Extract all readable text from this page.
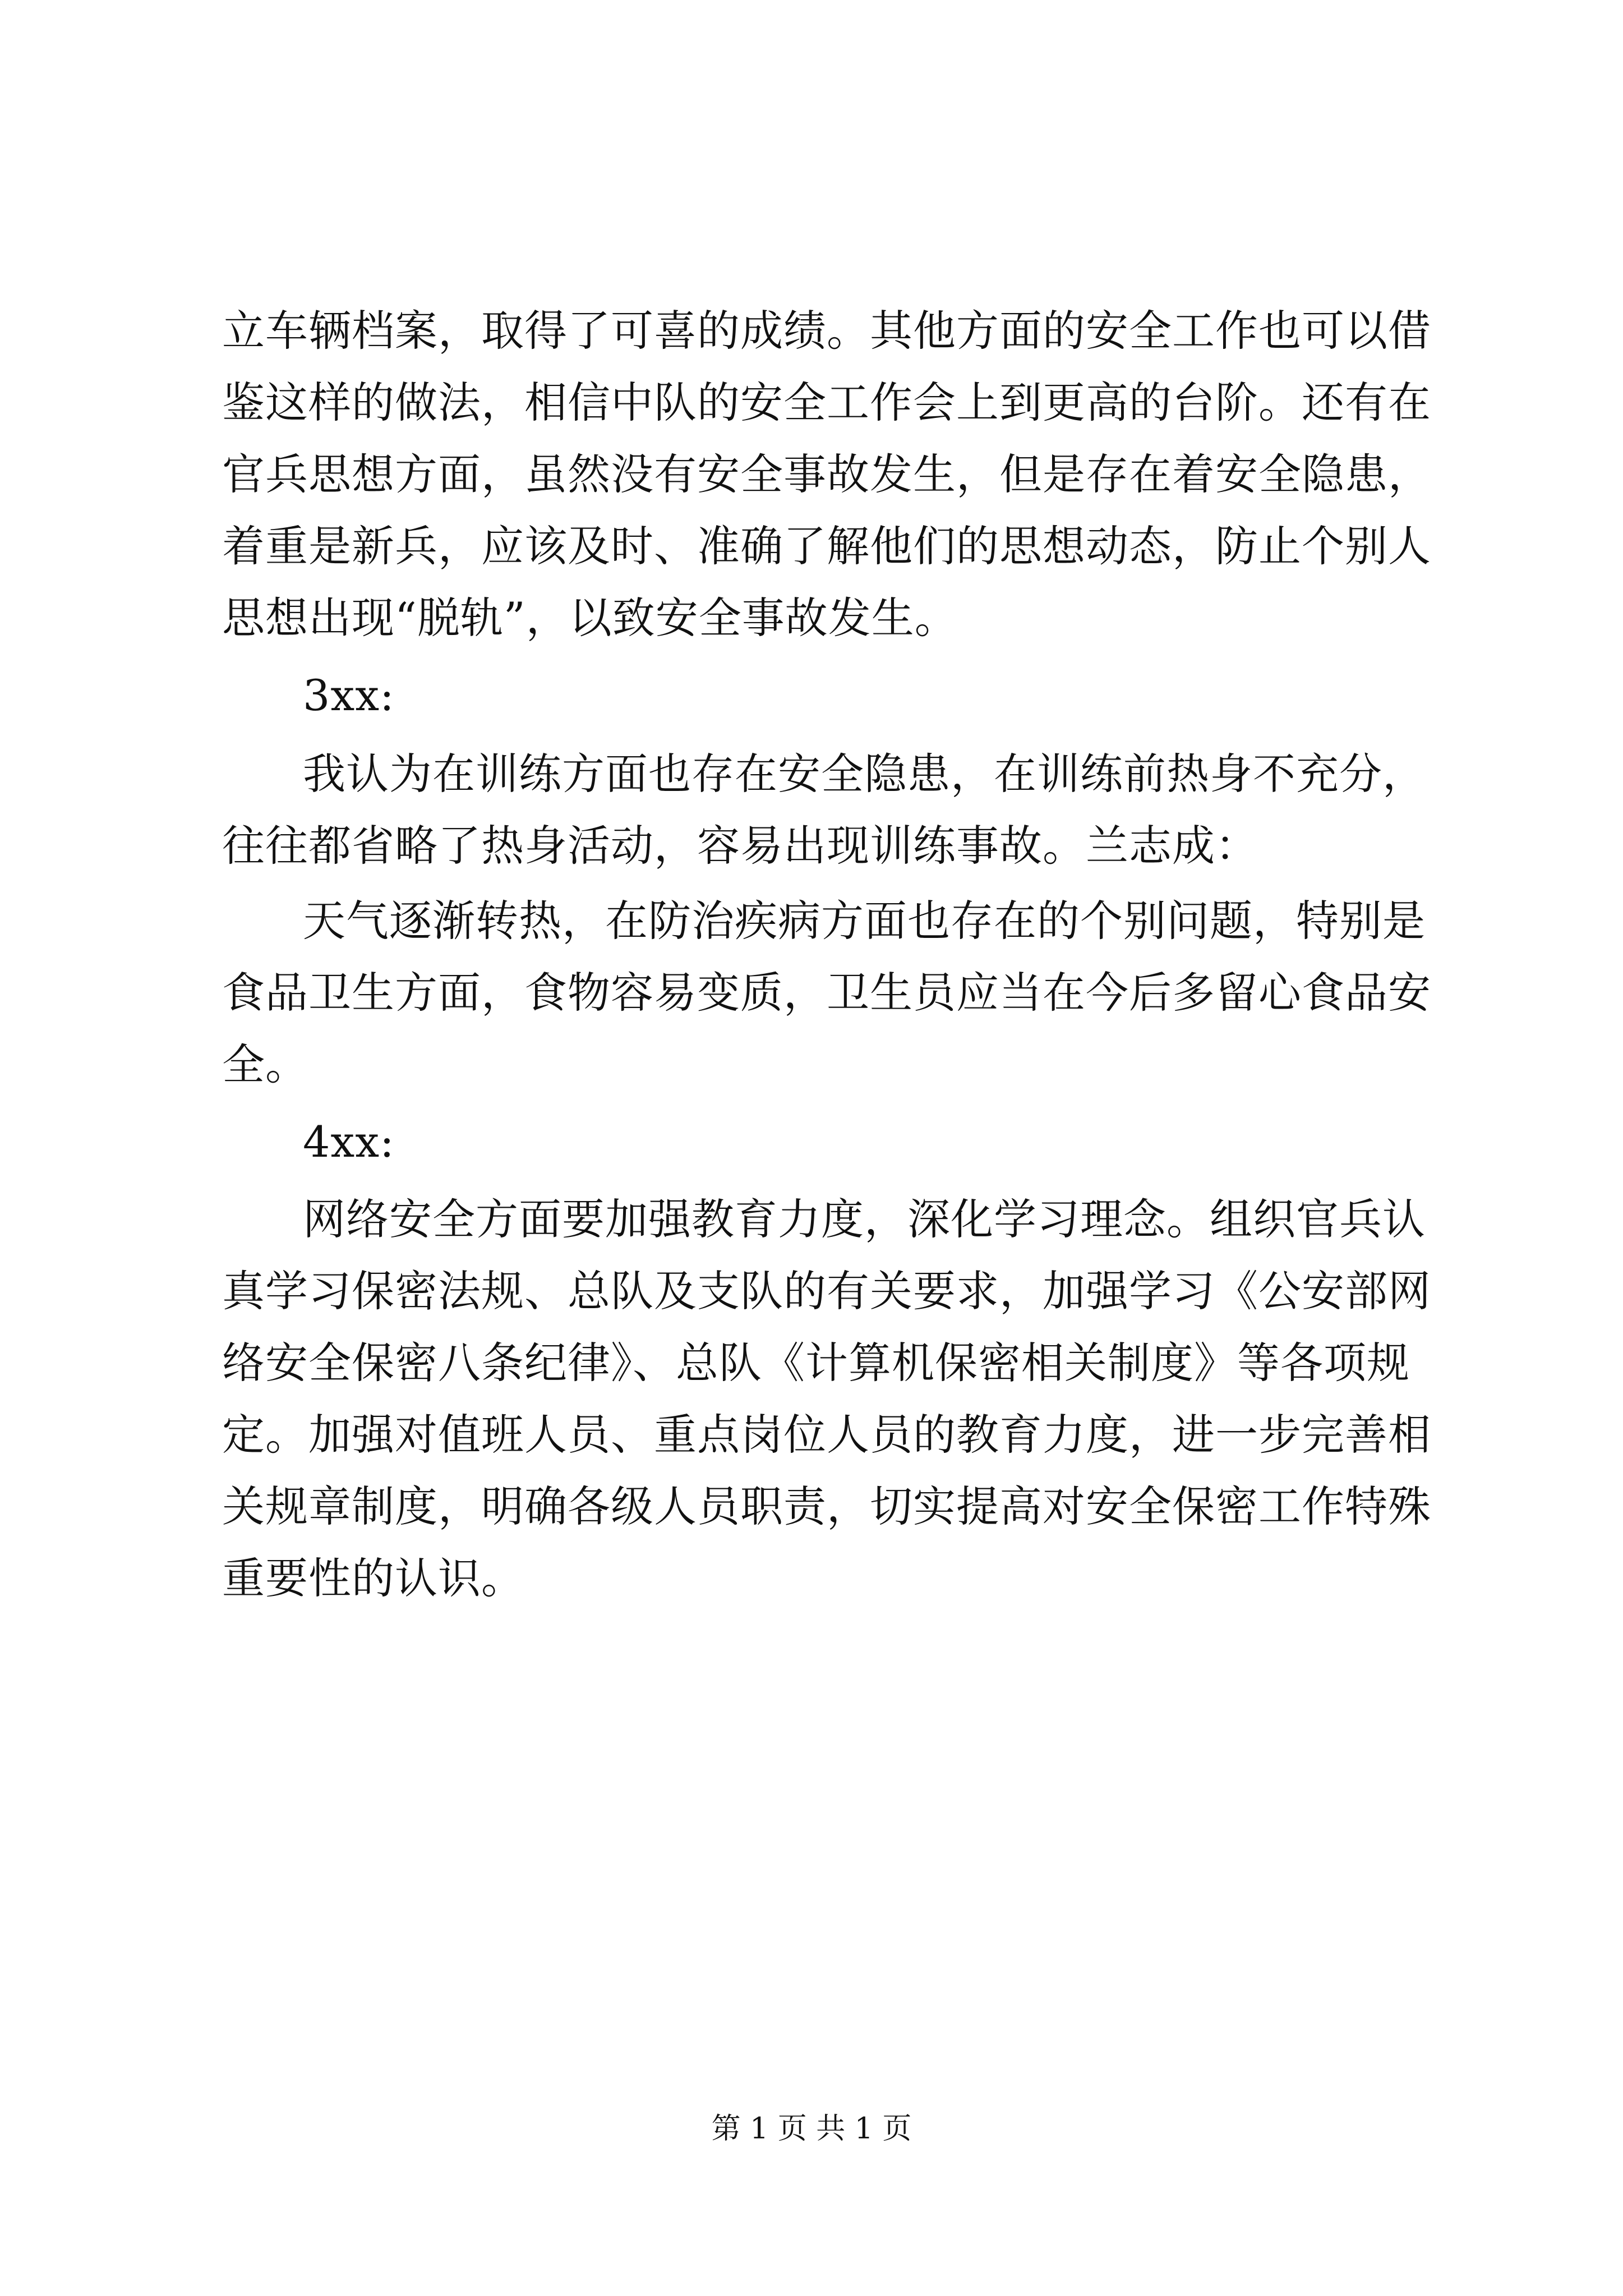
立车辆档案，取得了可喜的成绩。其他方面的安全工作也可以借
鉴这样的做法，相信中队的安全工作会上到更高的台阶。还有在
官兵思想方面，虽然没有安全事故发生，但是存在着安全隐患，
着重是新兵，应该及时、准确了解他们的思想动态，防止个别人
思想出现“脱轨”，以致安全事故发生。
3xx:
我认为在训练方面也存在安全隐患，在训练前热身不充分，
往往都省略了热身活动，容易出现训练事故。兰志成：
天气逐渐转热，在防治疾病方面也存在的个别问题，特别是
食品卫生方面，食物容易变质，卫生员应当在今后多留心食品安
全。
4xx:
网络安全方面要加强教育力度，深化学习理念。组织官兵认
真学习保密法规、总队及支队的有关要求，加强学习《公安部网
络安全保密八条纪律》、总队《计算机保密相关制度》等各项规
定。加强对值班人员、重点岗位人员的教育力度，进一步完善相
关规章制度，明确各级人员职责，切实提高对安全保密工作特殊
重要性的认识。
第 1 页 共 1 页
